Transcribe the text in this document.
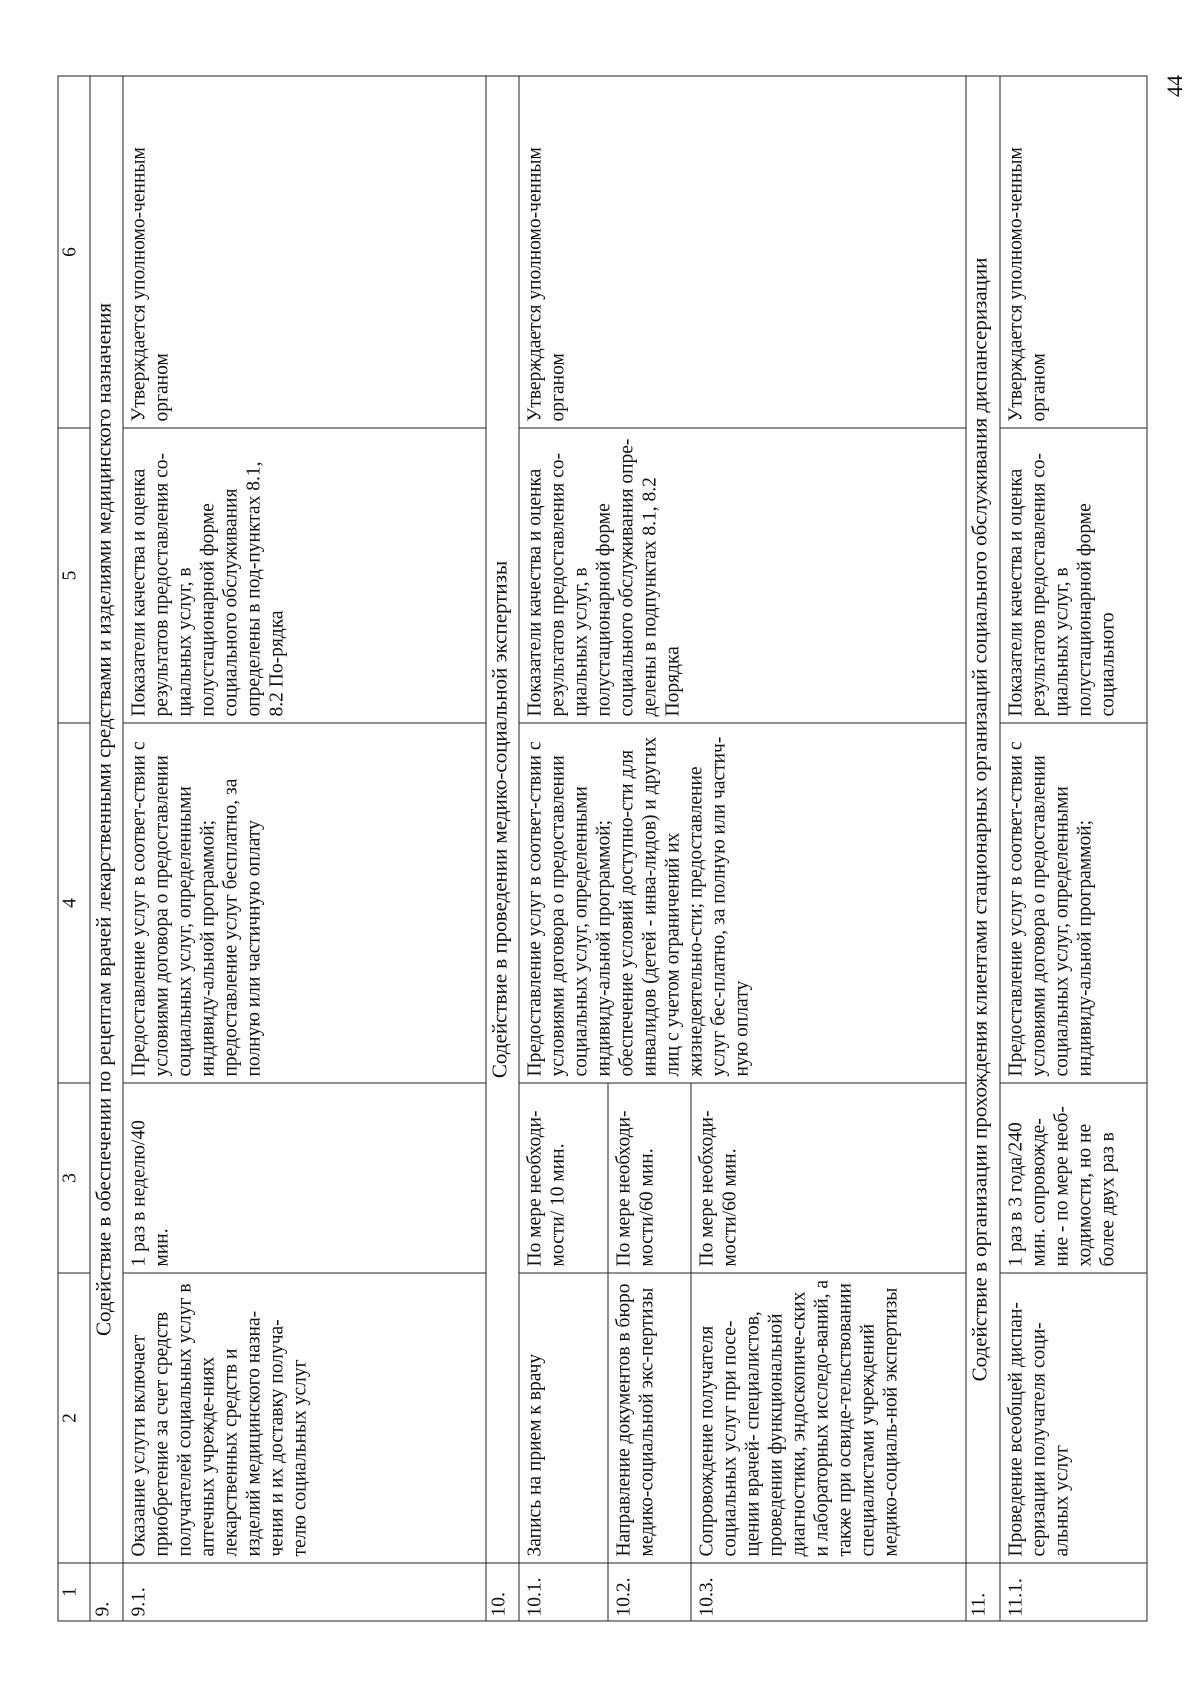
44
1	2	3	4	5	6
9.	Содействие в обеспечении по рецептам врачей лекарственными средствами и изделиями медицинского назначения				
9.1.	Оказание услуги включает приобретение за счет средств получателей социальных услуг в аптечных учрежде-ниях лекарственных средств и изделий медицинского назна-чения и их доставку получа-телю социальных услуг	1 раз в неделю/40 мин.	Предоставление услуг в соответ-ствии с условиями договора о предоставлении социальных услуг, определенными индивиду-альной программой; предоставление услуг бесплатно, за полную или частичную оплату	Показатели качества и оценка результатов предоставления со-циальных услуг, в полустационарной форме социального обслуживания определены в под-пунктах 8.1, 8.2 По-рядка	Утверждается уполномо-ченным органом
10.	Содействие в проведении медико-социальной экспертизы				
10.1.	Запись на прием к врачу	По мере необходи-мости/ 10 мин.	Предоставление услуг в соответ-ствии с условиями договора о предоставлении социальных услуг, определенными индивиду-альной программой; обеспечение условий доступно-сти для инвалидов (детей - инва-лидов) и других лиц с учетом ограничений их жизнедеятельно-сти; предоставление услуг бес-платно, за полную или частич-ную оплату	Показатели качества и оценка результатов предоставления со-циальных услуг, в полустационарной форме социального обслуживания опре-делены в подпунктах 8.1, 8.2 Порядка	Утверждается уполномо-ченным органом
10.2.	Направление документов в бюро медико-социальной экс-пертизы	По мере необходи-мости/60 мин.			
10.3.	Сопровождение получателя социальных услуг при посе-щении врачей- специалистов, проведении функциональной диагностики, эндоскопиче-ских и лабораторных исследо-ваний, а также при освиде-тельствовании специалистами учреждений медико-социаль-ной экспертизы	По мере необходи-мости/60 мин.			
11.	Содействие в организации прохождения клиентами стационарных организаций социального обслуживания диспансеризации				
11.1.	Проведение всеобщей диспан-серизации получателя соци-альных услуг	1 раз в 3 года/240 мин. сопровожде-ние - по мере необ-ходимости, но не более двух раз в	Предоставление услуг в соответ-ствии с условиями договора о предоставлении социальных услуг, определенными индивиду-альной программой;	Показатели качества и оценка результатов предоставления со-циальных услуг, в полустационарной форме социального	Утверждается уполномо-ченным органом
